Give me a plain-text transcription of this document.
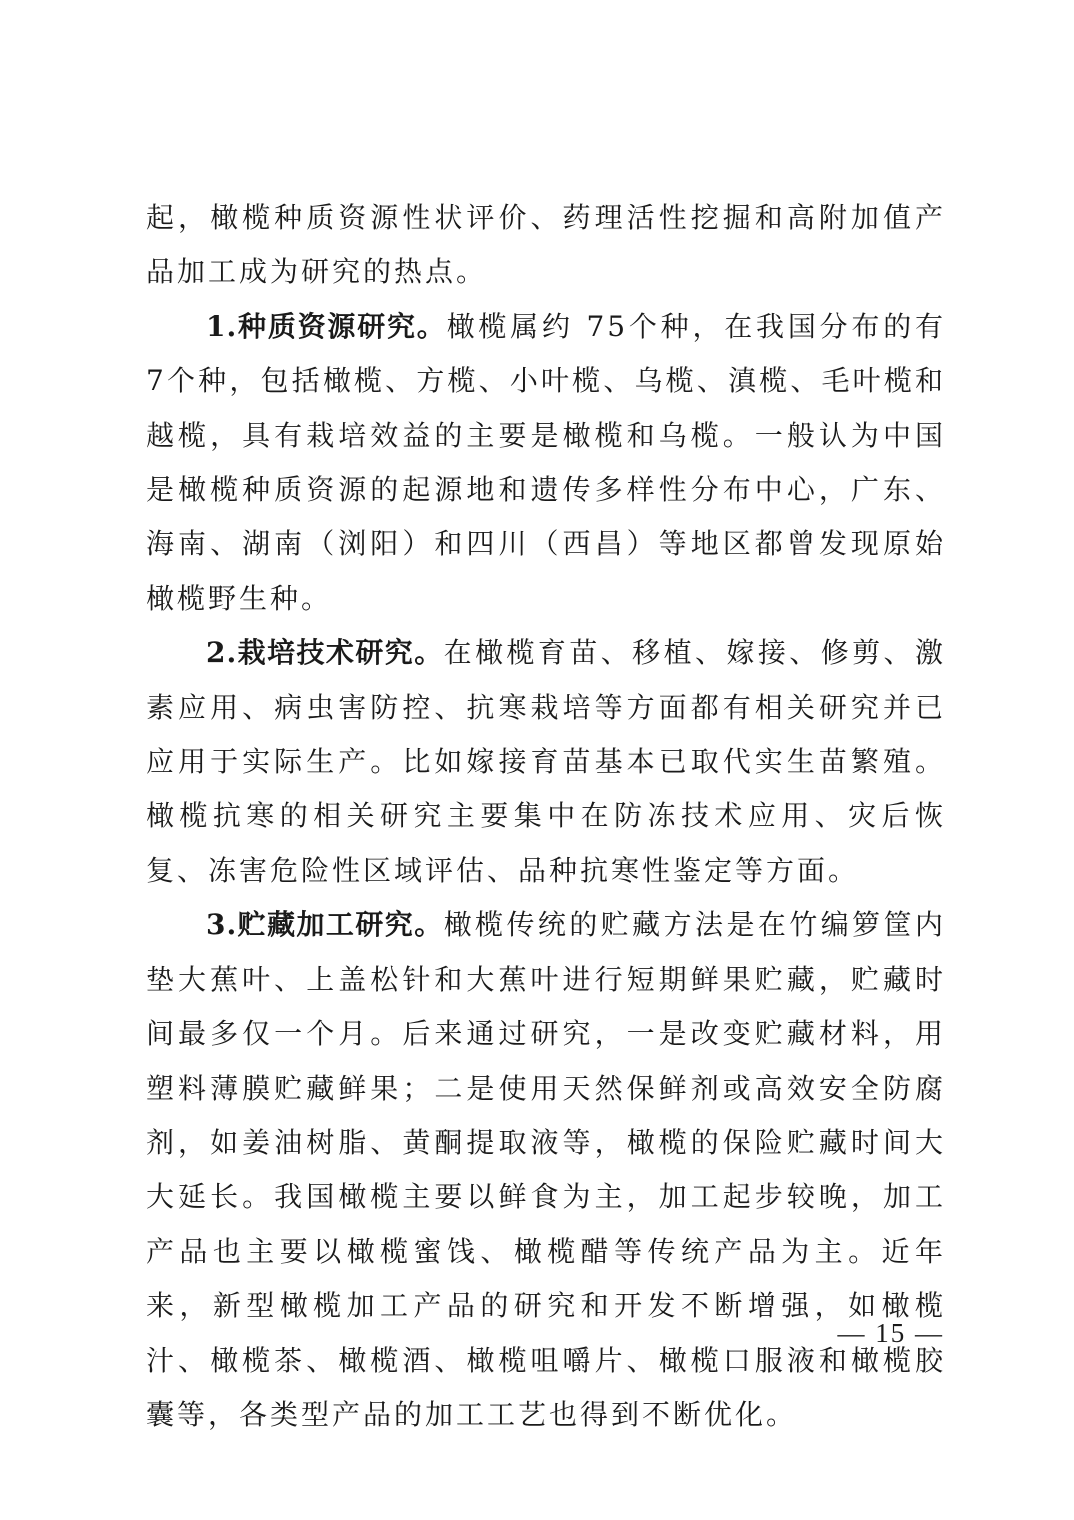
起，橄榄种质资源性状评价、药理活性挖掘和高附加值产品加工成为研究的热点。

1.种质资源研究。橄榄属约 75个种，在我国分布的有 7个种，包括橄榄、方榄、小叶榄、乌榄、滇榄、毛叶榄和越榄，具有栽培效益的主要是橄榄和乌榄。一般认为中国是橄榄种质资源的起源地和遗传多样性分布中心，广东、海南、湖南（浏阳）和四川（西昌）等地区都曾发现原始橄榄野生种。

2.栽培技术研究。在橄榄育苗、移植、嫁接、修剪、激素应用、病虫害防控、抗寒栽培等方面都有相关研究并已应用于实际生产。比如嫁接育苗基本已取代实生苗繁殖。橄榄抗寒的相关研究主要集中在防冻技术应用、灾后恢复、冻害危险性区域评估、品种抗寒性鉴定等方面。

3.贮藏加工研究。橄榄传统的贮藏方法是在竹编箩筐内垫大蕉叶、上盖松针和大蕉叶进行短期鲜果贮藏，贮藏时间最多仅一个月。后来通过研究，一是改变贮藏材料，用塑料薄膜贮藏鲜果；二是使用天然保鲜剂或高效安全防腐剂，如姜油树脂、黄酮提取液等，橄榄的保险贮藏时间大大延长。我国橄榄主要以鲜食为主，加工起步较晚，加工产品也主要以橄榄蜜饯、橄榄醋等传统产品为主。近年来，新型橄榄加工产品的研究和开发不断增强，如橄榄汁、橄榄茶、橄榄酒、橄榄咀嚼片、橄榄口服液和橄榄胶囊等，各类型产品的加工工艺也得到不断优化。

— 15 —
